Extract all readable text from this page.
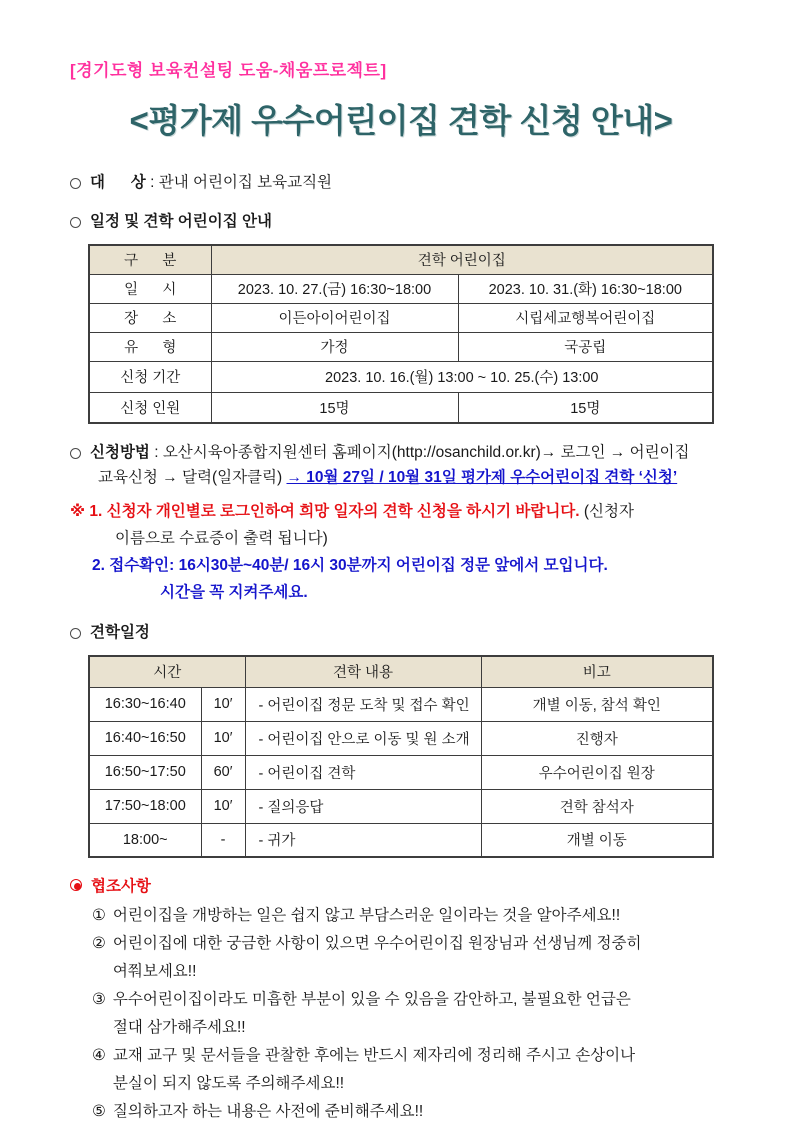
[경기도형 보육컨설팅 도움-채움프로젝트]
<평가제 우수어린이집 견학 신청 안내>
대      상 : 관내 어린이집 보육교직원
일정 및 견학 어린이집 안내
구      분	견학 어린이집	
일      시	2023. 10. 27.(금) 16:30~18:00	2023. 10. 31.(화) 16:30~18:00
장      소	이든아이어린이집	시립세교행복어린이집
유      형	가정	국공립
신청 기간	2023. 10. 16.(월) 13:00 ~ 10. 25.(수) 13:00	
신청 인원	15명	15명
신청방법 : 오산시육아종합지원센터 홈페이지(http://osanchild.or.kr)→ 로그인 → 어린이집
교육신청 → 달력(일자클릭) → 10월 27일 / 10월 31일 평가제 우수어린이집 견학 ‘신청’
※ 1. 신청자 개인별로 로그인하여 희망 일자의 견학 신청을 하시기 바랍니다. (신청자
이름으로 수료증이 출력 됩니다)
2. 접수확인: 16시30분~40분/ 16시 30분까지 어린이집 정문 앞에서 모입니다.
시간을 꼭 지켜주세요.
견학일정
시간		견학 내용	비고
16:30~16:40	10′	- 어린이집 정문 도착 및 접수 확인	개별 이동, 참석 확인
16:40~16:50	10′	- 어린이집 안으로 이동 및 원 소개	진행자
16:50~17:50	60′	- 어린이집 견학	우수어린이집 원장
17:50~18:00	10′	- 질의응답	견학 참석자
18:00~	-	- 귀가	개별 이동
협조사항
① 어린이집을 개방하는 일은 쉽지 않고 부담스러운 일이라는 것을 알아주세요!!
② 어린이집에 대한 궁금한 사항이 있으면 우수어린이집 원장님과 선생님께 정중히
여쭤보세요!!
③ 우수어린이집이라도 미흡한 부분이 있을 수 있음을 감안하고, 불필요한 언급은
절대 삼가해주세요!!
④ 교재 교구 및 문서들을 관찰한 후에는 반드시 제자리에 정리해 주시고 손상이나
분실이 되지 않도록 주의해주세요!!
⑤ 질의하고자 하는 내용은 사전에 준비해주세요!!
